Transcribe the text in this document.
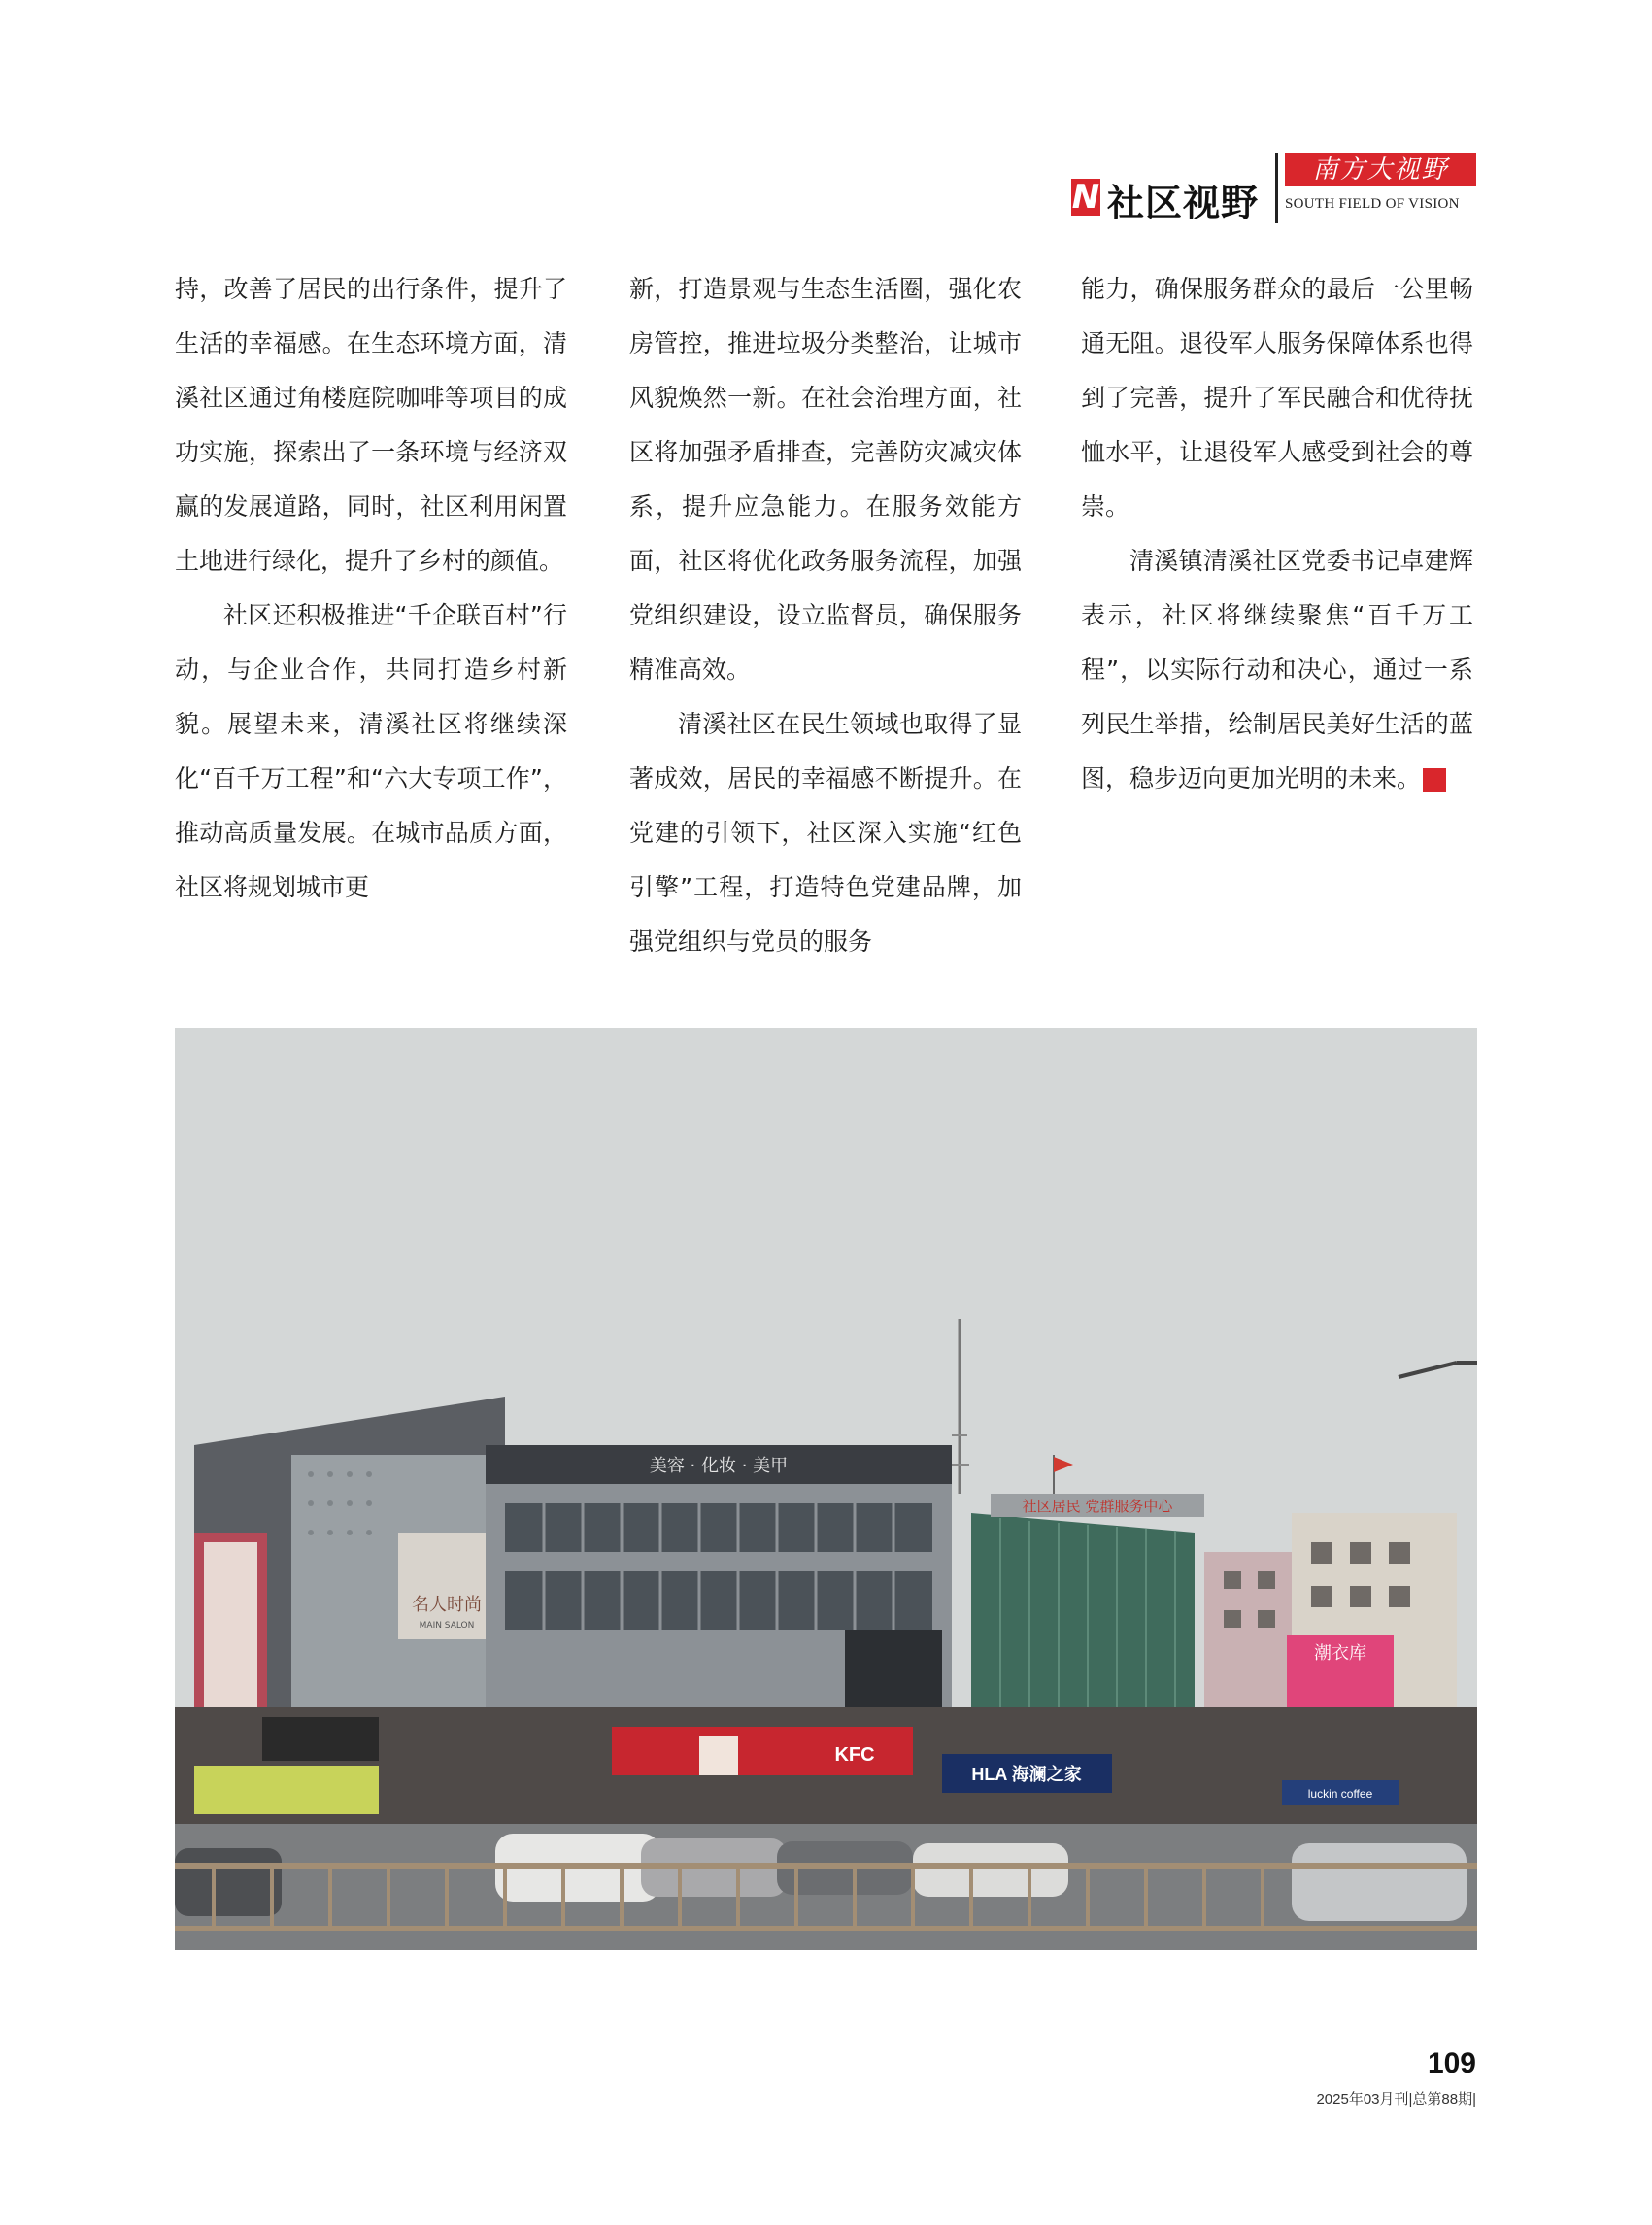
N 社区视野
南方大视野
SOUTH FIELD OF VISION

持，改善了居民的出行条件，提升了生活的幸福感。在生态环境方面，清溪社区通过角楼庭院咖啡等项目的成功实施，探索出了一条环境与经济双赢的发展道路，同时，社区利用闲置土地进行绿化，提升了乡村的颜值。

社区还积极推进“千企联百村”行动，与企业合作，共同打造乡村新貌。展望未来，清溪社区将继续深化“百千万工程”和“六大专项工作”，推动高质量发展。在城市品质方面，社区将规划城市更

新，打造景观与生态生活圈，强化农房管控，推进垃圾分类整治，让城市风貌焕然一新。在社会治理方面，社区将加强矛盾排查，完善防灾减灾体系，提升应急能力。在服务效能方面，社区将优化政务服务流程，加强党组织建设，设立监督员，确保服务精准高效。

清溪社区在民生领域也取得了显著成效，居民的幸福感不断提升。在党建的引领下，社区深入实施“红色引擎”工程，打造特色党建品牌，加强党组织与党员的服务

能力，确保服务群众的最后一公里畅通无阻。退役军人服务保障体系也得到了完善，提升了军民融合和优待抚恤水平，让退役军人感受到社会的尊崇。

清溪镇清溪社区党委书记卓建辉表示，社区将继续聚焦“百千万工程”，以实际行动和决心，通过一系列民生举措，绘制居民美好生活的蓝图，稳步迈向更加光明的未来。	N

名人时尚
MAIN SALON
美容 · 化妆 · 美甲
社区居民 党群服务中心
潮衣库
KFC
HLA 海澜之家
luckin coffee
109
2025年03月刊|总第88期|
